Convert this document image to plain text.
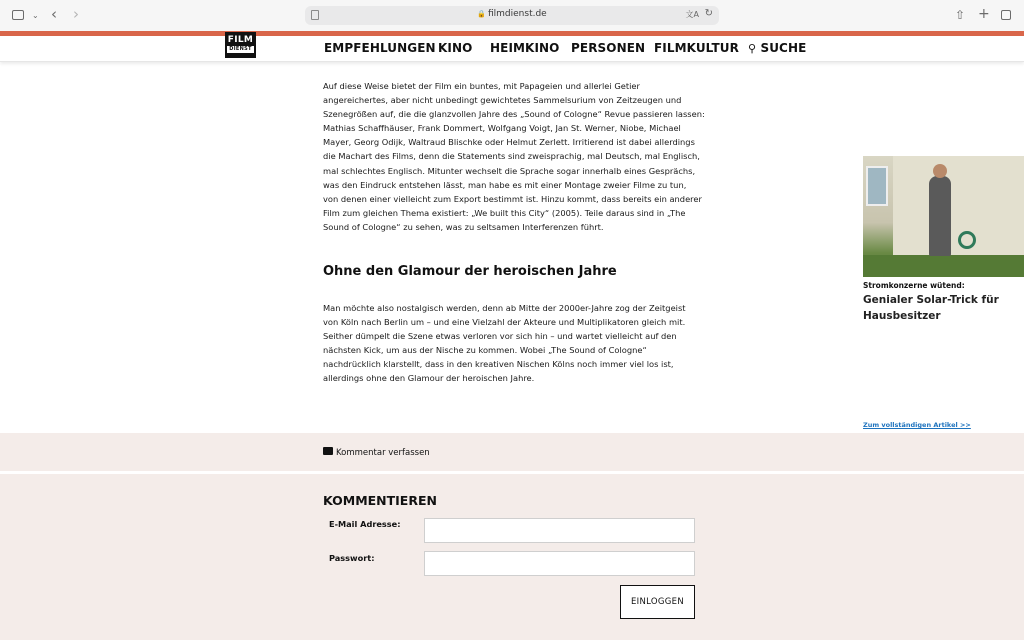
⌄ ‹ ›	🔒 filmdienst.de	文A ↻	⇧ +
FILM
DIENST	EMPFEHLUNGEN KINO HEIMKINO PERSONEN FILMKULTUR ⚲ SUCHE
Auf diese Weise bietet der Film ein buntes, mit Papageien und allerlei Getier
angereichertes, aber nicht unbedingt gewichtetes Sammelsurium von Zeitzeugen und
Szenegrößen auf, die die glanzvollen Jahre des „Sound of Cologne“ Revue passieren lassen:
Mathias Schaffhäuser, Frank Dommert, Wolfgang Voigt, Jan St. Werner, Niobe, Michael
Mayer, Georg Odijk, Waltraud Blischke oder Helmut Zerlett. Irritierend ist dabei allerdings
die Machart des Films, denn die Statements sind zweisprachig, mal Deutsch, mal Englisch,
mal schlechtes Englisch. Mitunter wechselt die Sprache sogar innerhalb eines Gesprächs,
was den Eindruck entstehen lässt, man habe es mit einer Montage zweier Filme zu tun,
von denen einer vielleicht zum Export bestimmt ist. Hinzu kommt, dass bereits ein anderer
Film zum gleichen Thema existiert: „We built this City“ (2005). Teile daraus sind in „The
Sound of Cologne“ zu sehen, was zu seltsamen Interferenzen führt.
Ohne den Glamour der heroischen Jahre
Man möchte also nostalgisch werden, denn ab Mitte der 2000er-Jahre zog der Zeitgeist
von Köln nach Berlin um – und eine Vielzahl der Akteure und Multiplikatoren gleich mit.
Seither dümpelt die Szene etwas verloren vor sich hin – und wartet vielleicht auf den
nächsten Kick, um aus der Nische zu kommen. Wobei „The Sound of Cologne“
nachdrücklich klarstellt, dass in den kreativen Nischen Kölns noch immer viel los ist,
allerdings ohne den Glamour der heroischen Jahre.
Stromkonzerne wütend:
Genialer Solar-Trick für Hausbesitzer
Zum vollständigen Artikel >>
Kommentar verfassen
KOMMENTIEREN
E-Mail Adresse:
Passwort:
EINLOGGEN
